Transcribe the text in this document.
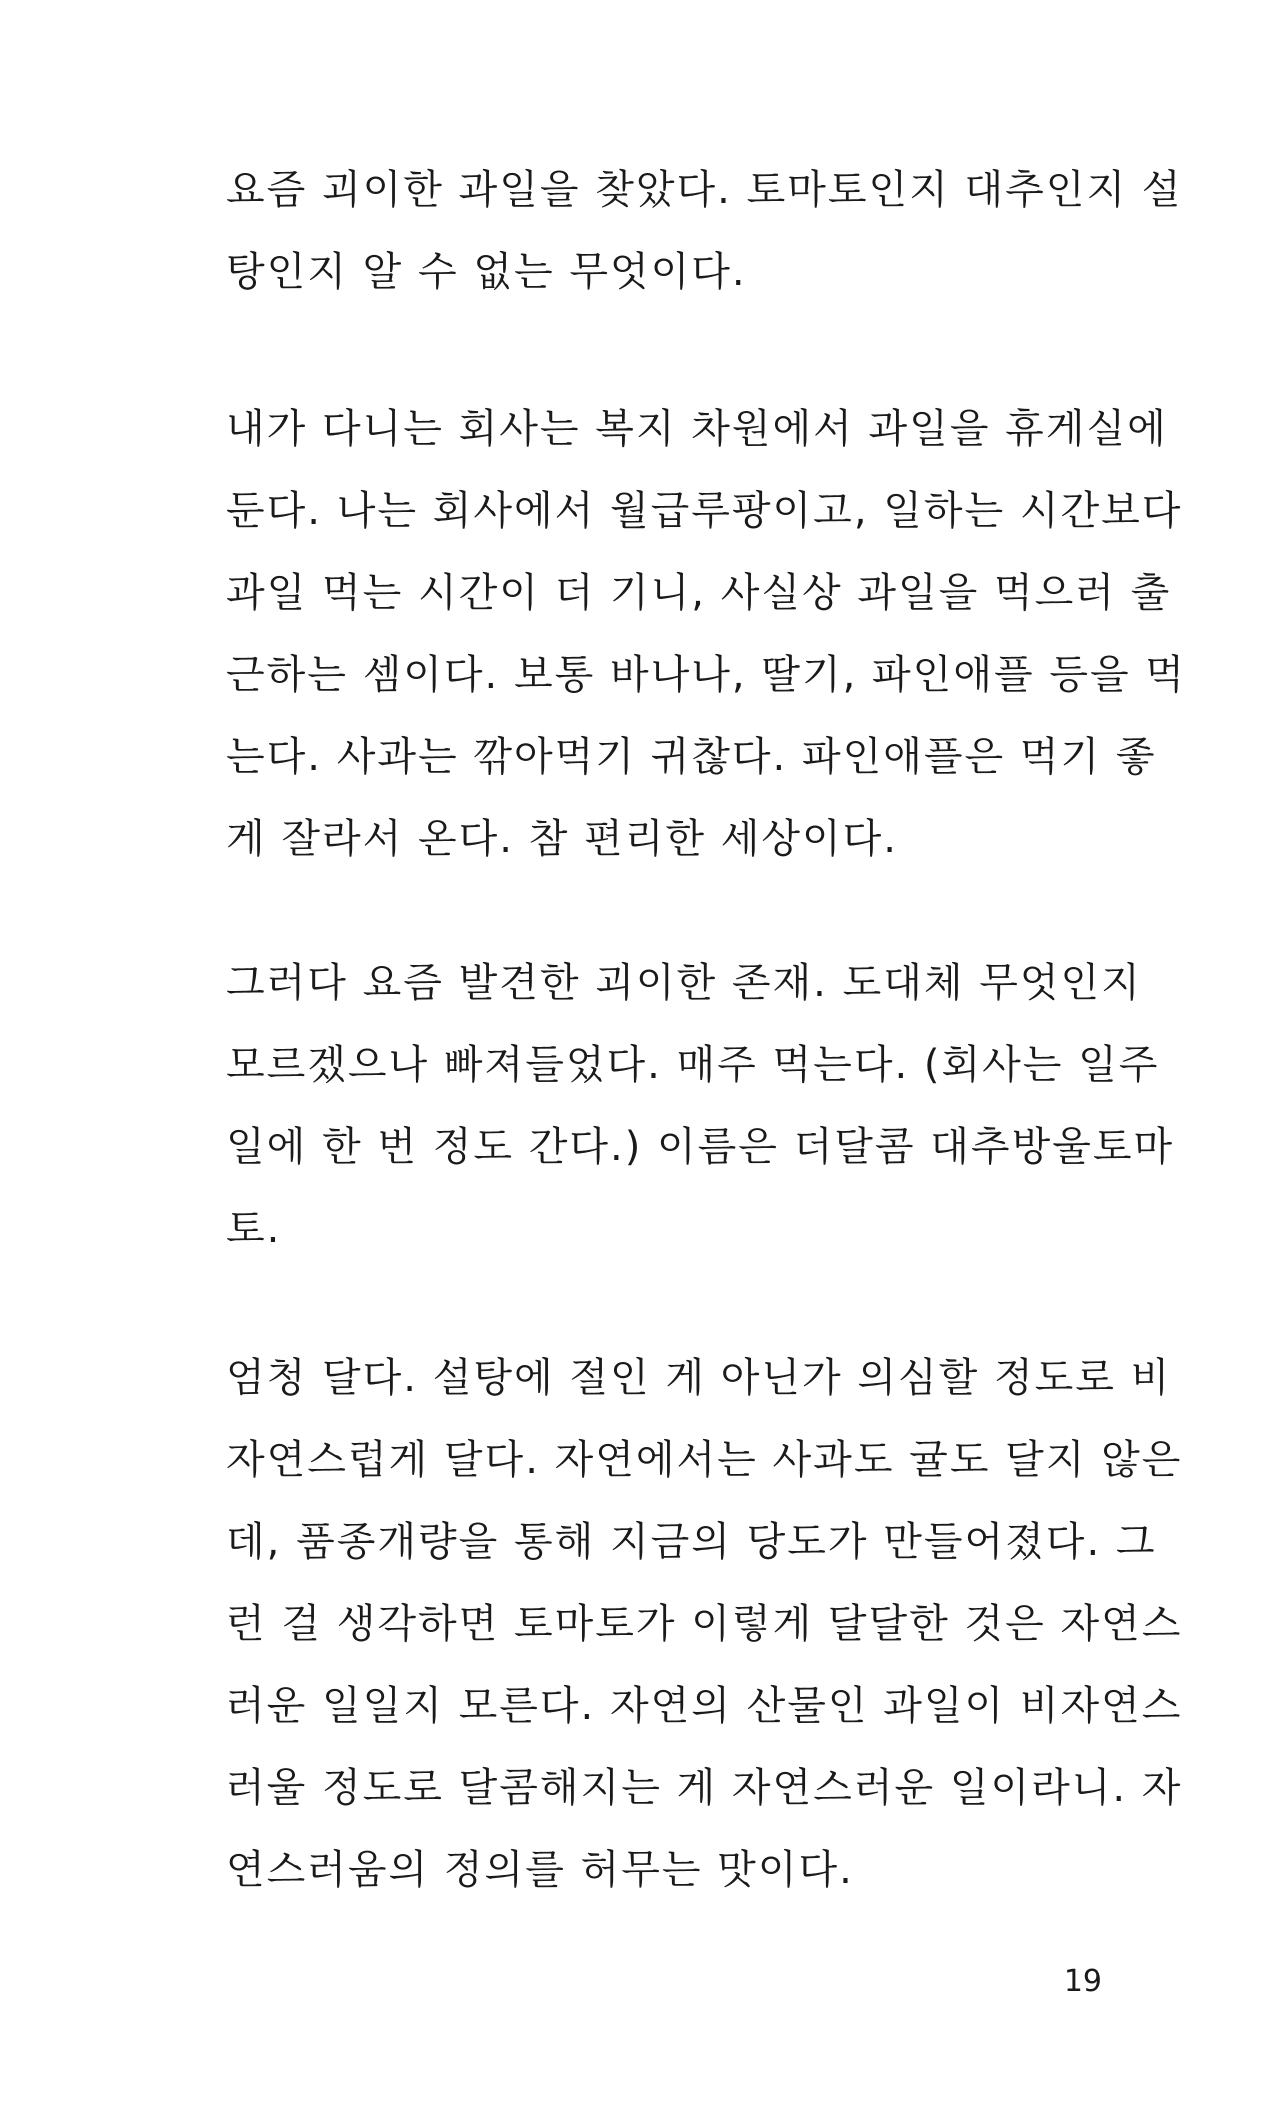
요즘 괴이한 과일을 찾았다. 토마토인지 대추인지 설
탕인지 알 수 없는 무엇이다.
내가 다니는 회사는 복지 차원에서 과일을 휴게실에
둔다. 나는 회사에서 월급루팡이고, 일하는 시간보다
과일 먹는 시간이 더 기니, 사실상 과일을 먹으러 출
근하는 셈이다. 보통 바나나, 딸기, 파인애플 등을 먹
는다. 사과는 깎아먹기 귀찮다. 파인애플은 먹기 좋
게 잘라서 온다. 참 편리한 세상이다.
그러다 요즘 발견한 괴이한 존재. 도대체 무엇인지
모르겠으나 빠져들었다. 매주 먹는다. (회사는 일주
일에 한 번 정도 간다.) 이름은 더달콤 대추방울토마
토.
엄청 달다. 설탕에 절인 게 아닌가 의심할 정도로 비
자연스럽게 달다. 자연에서는 사과도 귤도 달지 않은
데, 품종개량을 통해 지금의 당도가 만들어졌다. 그
런 걸 생각하면 토마토가 이렇게 달달한 것은 자연스
러운 일일지 모른다. 자연의 산물인 과일이 비자연스
러울 정도로 달콤해지는 게 자연스러운 일이라니. 자
연스러움의 정의를 허무는 맛이다.
19
